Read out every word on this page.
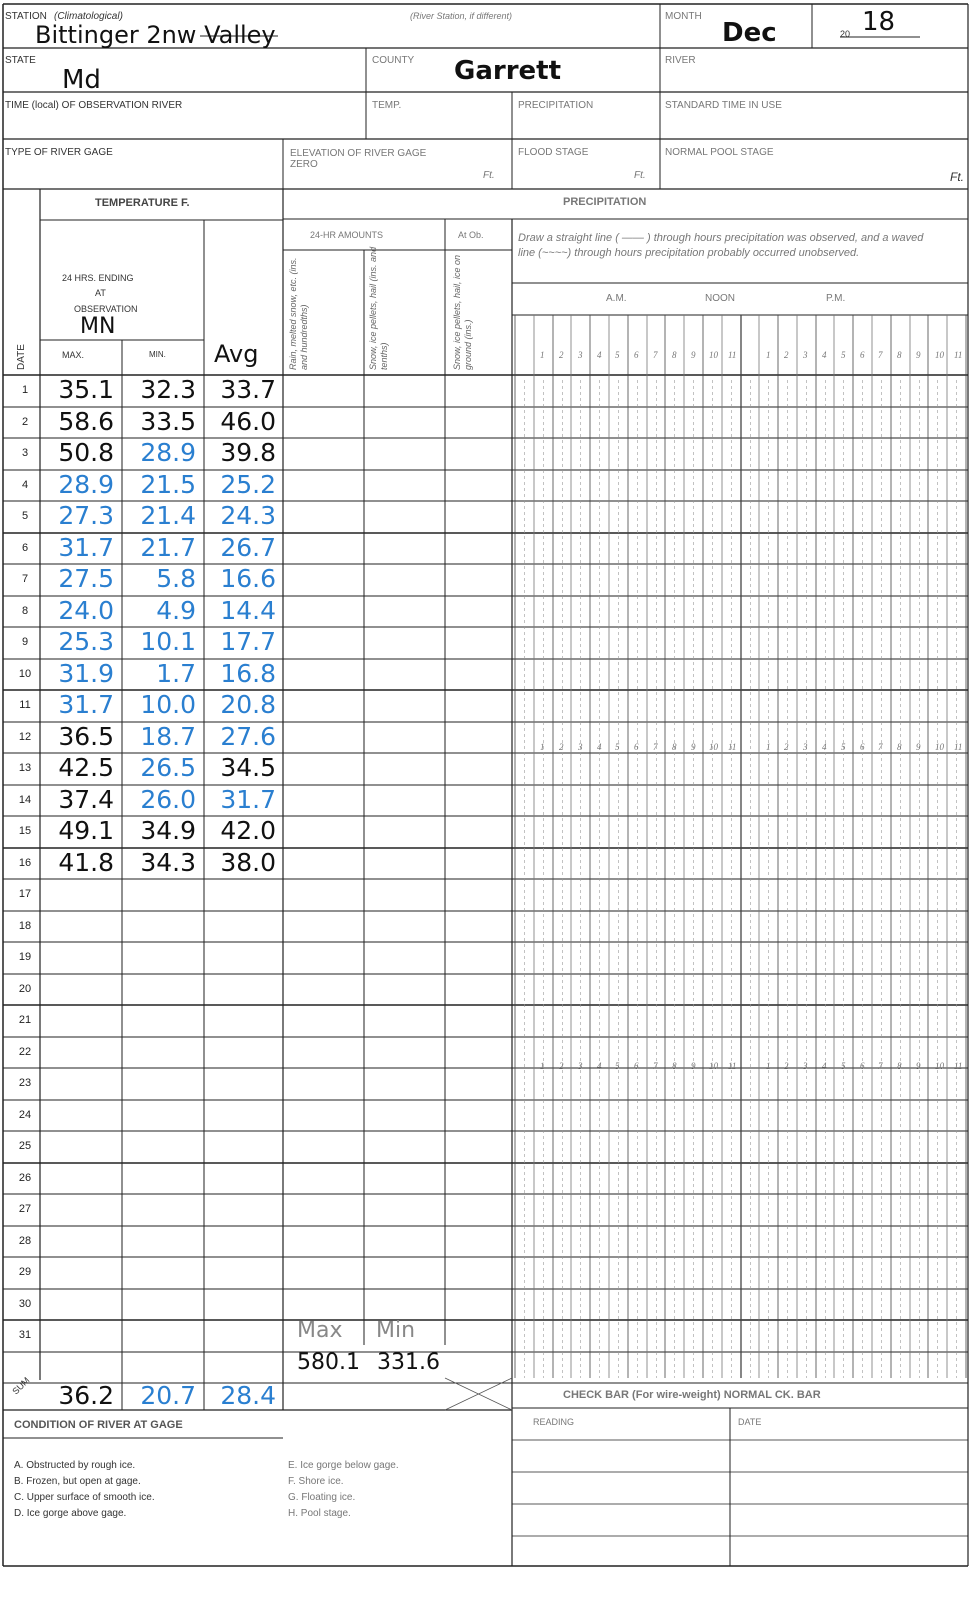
STATION (Climatological)
Bittinger 2nw Valley
(River Station, if different)	MONTH
Dec	20 18
STATE
Md
COUNTY Garrett	RIVER
TIME (local) OF OBSERVATION RIVER	TEMP.	PRECIPITATION	STANDARD TIME IN USE
TYPE OF RIVER GAGE	ELEVATION OF RIVER GAGE ZERO
Ft.
FLOOD STAGE
Ft.
NORMAL POOL STAGE
Ft.
TEMPERATURE F.
24 HRS. ENDING
AT
OBSERVATION
MN
MAX.	MIN. Avg
DATE
24-HR AMOUNTS	At Ob.
Rain, melted snow, etc. (ins. and hundredths)	Snow, ice pellets, hail (ins. and tenths)	Snow, ice pellets, hail, ice on ground (ins.)
PRECIPITATION
Draw a straight line ( —— ) through hours precipitation was observed, and a waved line (~~~~) through hours precipitation probably occurred unobserved.
A.M.	NOON	P.M.
1	35.1	32.3 33.7
2	58.6	33.5 46.0
3	50.8	28.9 39.8
4	28.9	21.5 25.2
5	27.3	21.4 24.3
6	31.7	21.7 26.7
7	27.5	5.8 16.6
8	24.0	4.9 14.4
9	25.3	10.1 17.7
10	31.9	1.7 16.8
11	31.7	10.0 20.8
12	36.5	18.7 27.6
13	42.5	26.5 34.5
14	37.4	26.0 31.7
15	49.1	34.9 42.0
16	41.8	34.3 38.0
17
18
19
20
21
22
23
24
25
26
27
28
29
30
31	Max Min
580.1 331.6
SUM	36.2	20.7 28.4	CHECK BAR (For wire-weight) NORMAL CK. BAR
READING	DATE
CONDITION OF RIVER AT GAGE
A. Obstructed by rough ice.
B. Frozen, but open at gage.
C. Upper surface of smooth ice.
D. Ice gorge above gage.
E. Ice gorge below gage.
F. Shore ice.
G. Floating ice.
H. Pool stage.
1 2 3 4 5 6 7 8 9 10 11	1 2 3 4 5 6 7 8 9 10 11
1 2 3 4 5 6 7 8 9 10 11	1 2 3 4 5 6 7 8 9 10 11
1 2 3 4 5 6 7 8 9 10 11	1 2 3 4 5 6 7 8 9 10 11
